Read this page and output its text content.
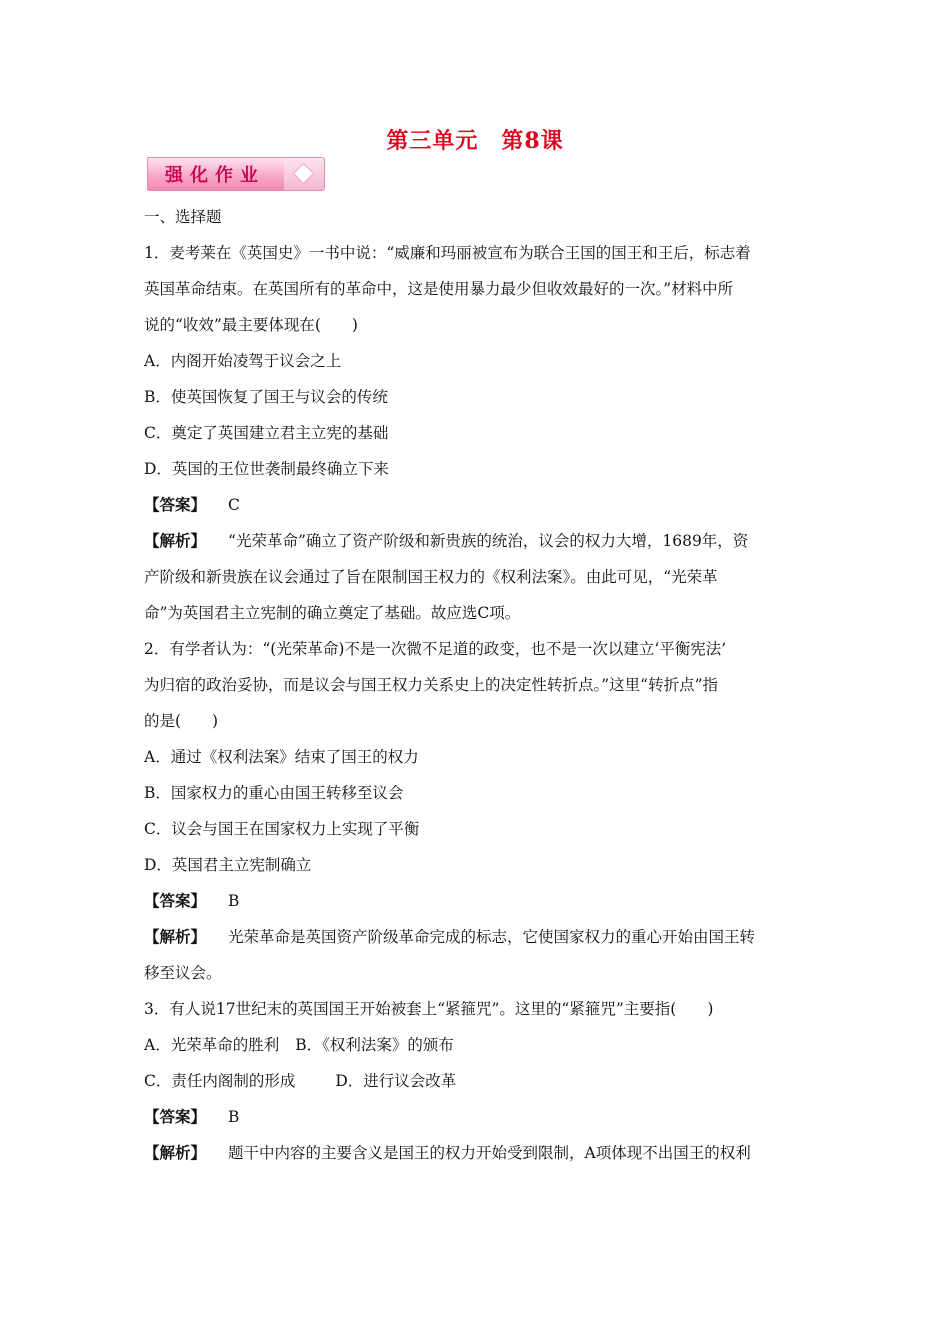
第三单元　第8课
强化作业
一、选择题
1．麦考莱在《英国史》一书中说：“威廉和玛丽被宣布为联合王国的国王和王后，标志着
英国革命结束。在英国所有的革命中，这是使用暴力最少但收效最好的一次。”材料中所
说的“收效”最主要体现在(　　)
A．内阁开始凌驾于议会之上
B．使英国恢复了国王与议会的传统
C．奠定了英国建立君主立宪的基础
D．英国的王位世袭制最终确立下来
【答案】 C
【解析】 “光荣革命”确立了资产阶级和新贵族的统治，议会的权力大增，1689年，资
产阶级和新贵族在议会通过了旨在限制国王权力的《权利法案》。由此可见，“光荣革
命”为英国君主立宪制的确立奠定了基础。故应选C项。
2．有学者认为：“(光荣革命)不是一次微不足道的政变，也不是一次以建立‘平衡宪法’
为归宿的政治妥协，而是议会与国王权力关系史上的决定性转折点。”这里“转折点”指
的是(　　)
A．通过《权利法案》结束了国王的权力
B．国家权力的重心由国王转移至议会
C．议会与国王在国家权力上实现了平衡
D．英国君主立宪制确立
【答案】 B
【解析】 光荣革命是英国资产阶级革命完成的标志，它使国家权力的重心开始由国王转
移至议会。
3．有人说17世纪末的英国国王开始被套上“紧箍咒”。这里的“紧箍咒”主要指(　　)
A．光荣革命的胜利 B．《权利法案》的颁布
C．责任内阁制的形成	D．进行议会改革
【答案】 B
【解析】 题干中内容的主要含义是国王的权力开始受到限制，A项体现不出国王的权利
